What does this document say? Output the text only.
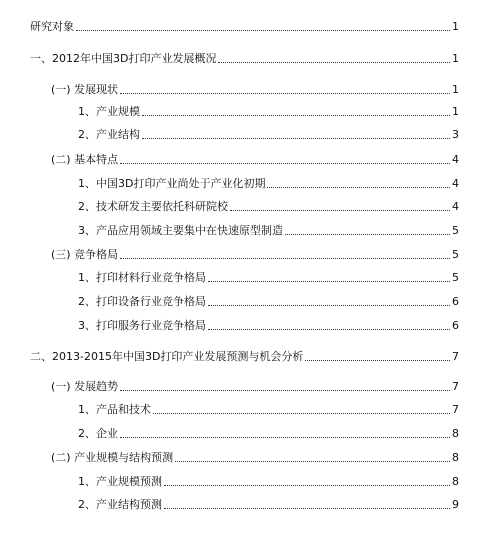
研究对象	1
一、2012年中国3D打印产业发展概况	1
(一) 发展现状	1
1、产业规模	1
2、产业结构	3
(二) 基本特点	4
1、中国3D打印产业尚处于产业化初期	4
2、技术研发主要依托科研院校	4
3、产品应用领域主要集中在快速原型制造	5
(三) 竞争格局	5
1、打印材料行业竞争格局	5
2、打印设备行业竞争格局	6
3、打印服务行业竞争格局	6
二、2013-2015年中国3D打印产业发展预测与机会分析	7
(一) 发展趋势	7
1、产品和技术	7
2、企业	8
(二) 产业规模与结构预测	8
1、产业规模预测	8
2、产业结构预测	9
